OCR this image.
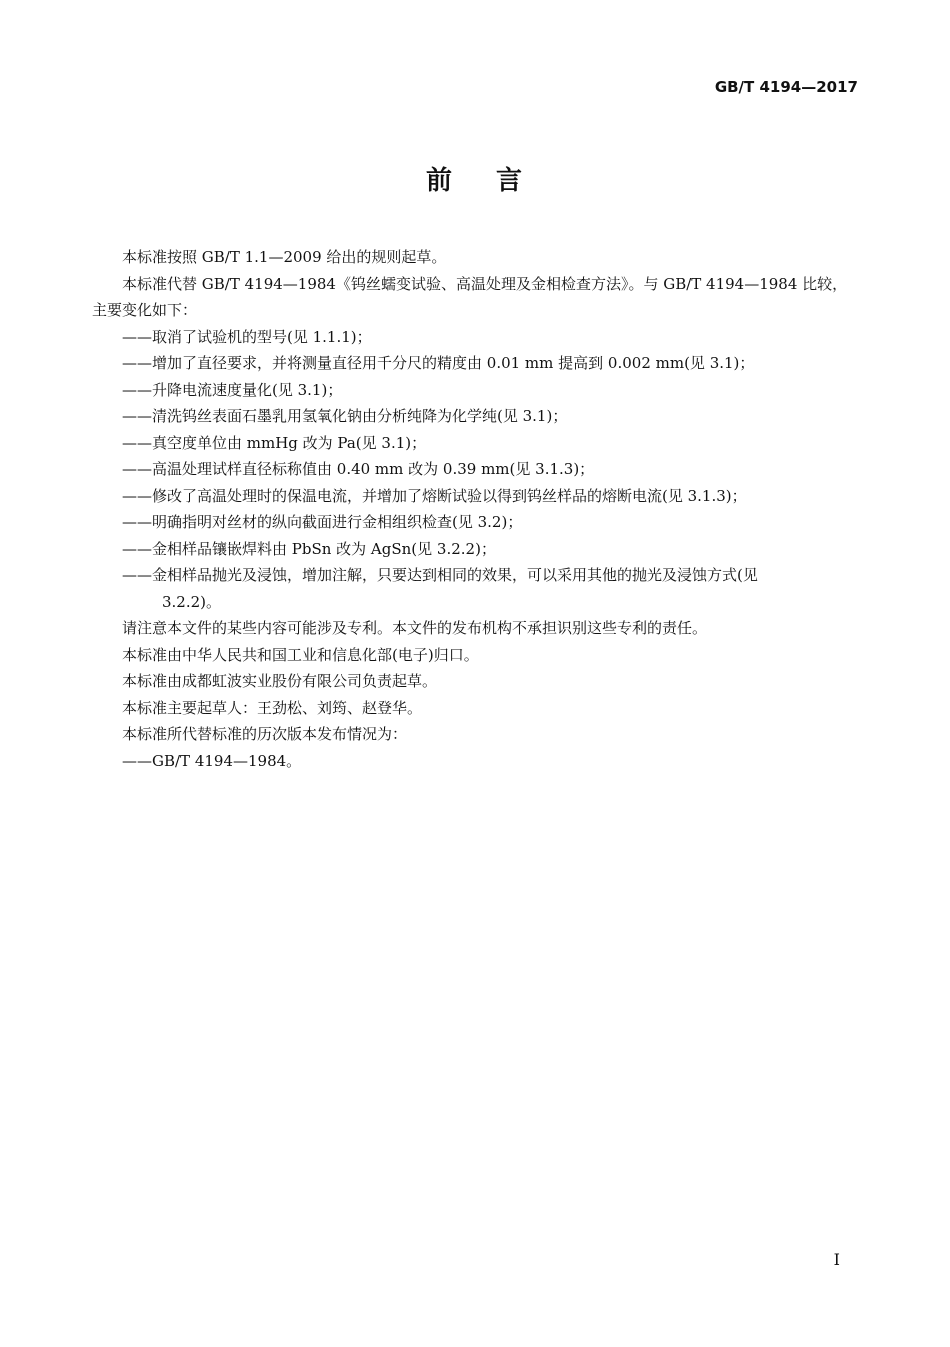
GB/T 4194—2017
前 言

本标准按照 GB/T 1.1—2009 给出的规则起草。

本标准代替 GB/T 4194—1984《钨丝蠕变试验、高温处理及金相检查方法》。与 GB/T 4194—1984 比较，主要变化如下：

——取消了试验机的型号(见 1.1.1)；

——增加了直径要求，并将测量直径用千分尺的精度由 0.01 mm 提高到 0.002 mm(见 3.1)；

——升降电流速度量化(见 3.1)；

——清洗钨丝表面石墨乳用氢氧化钠由分析纯降为化学纯(见 3.1)；

——真空度单位由 mmHg 改为 Pa(见 3.1)；

——高温处理试样直径标称值由 0.40 mm 改为 0.39 mm(见 3.1.3)；

——修改了高温处理时的保温电流，并增加了熔断试验以得到钨丝样品的熔断电流(见 3.1.3)；

——明确指明对丝材的纵向截面进行金相组织检查(见 3.2)；

——金相样品镶嵌焊料由 PbSn 改为 AgSn(见 3.2.2)；

——金相样品抛光及浸蚀，增加注解，只要达到相同的效果，可以采用其他的抛光及浸蚀方式(见
3.2.2)。

请注意本文件的某些内容可能涉及专利。本文件的发布机构不承担识别这些专利的责任。

本标准由中华人民共和国工业和信息化部(电子)归口。

本标准由成都虹波实业股份有限公司负责起草。

本标准主要起草人：王劲松、刘筠、赵登华。

本标准所代替标准的历次版本发布情况为：

——GB/T 4194—1984。

I
